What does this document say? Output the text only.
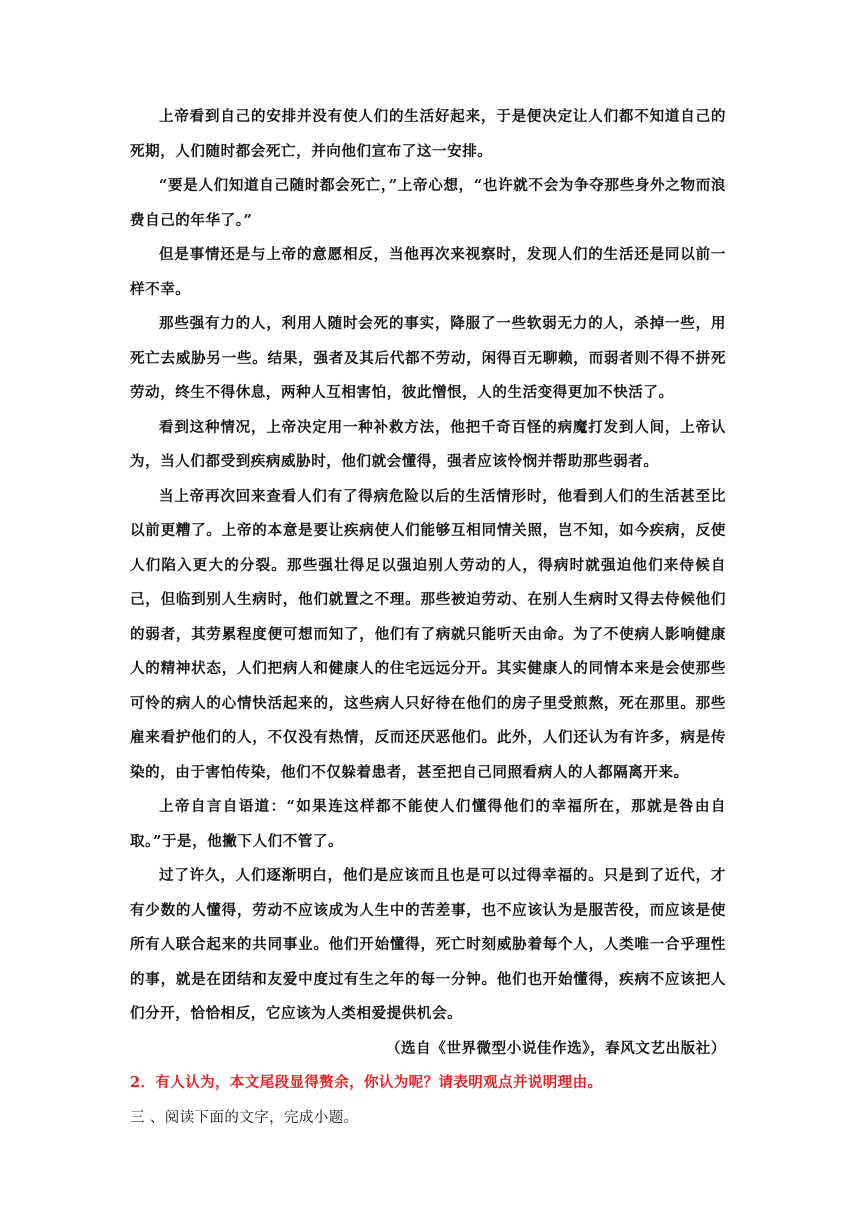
上帝看到自己的安排并没有使人们的生活好起来，于是便决定让人们都不知道自己的死期，人们随时都会死亡，并向他们宣布了这一安排。

“要是人们知道自己随时都会死亡，”上帝心想，“也许就不会为争夺那些身外之物而浪费自己的年华了。”

但是事情还是与上帝的意愿相反，当他再次来视察时，发现人们的生活还是同以前一样不幸。

那些强有力的人，利用人随时会死的事实，降服了一些软弱无力的人，杀掉一些，用死亡去威胁另一些。结果，强者及其后代都不劳动，闲得百无聊赖，而弱者则不得不拼死劳动，终生不得休息，两种人互相害怕，彼此憎恨，人的生活变得更加不快活了。

看到这种情况，上帝决定用一种补救方法，他把千奇百怪的病魔打发到人间，上帝认为，当人们都受到疾病威胁时，他们就会懂得，强者应该怜悯并帮助那些弱者。

当上帝再次回来查看人们有了得病危险以后的生活情形时，他看到人们的生活甚至比以前更糟了。上帝的本意是要让疾病使人们能够互相同情关照，岂不知，如今疾病，反使人们陷入更大的分裂。那些强壮得足以强迫别人劳动的人，得病时就强迫他们来侍候自己，但临到别人生病时，他们就置之不理。那些被迫劳动、在别人生病时又得去侍候他们的弱者，其劳累程度便可想而知了，他们有了病就只能听天由命。为了不使病人影响健康人的精神状态，人们把病人和健康人的住宅远远分开。其实健康人的同情本来是会使那些可怜的病人的心情快活起来的，这些病人只好待在他们的房子里受煎熬，死在那里。那些雇来看护他们的人，不仅没有热情，反而还厌恶他们。此外，人们还认为有许多，病是传染的，由于害怕传染，他们不仅躲着患者，甚至把自己同照看病人的人都隔离开来。

上帝自言自语道：“如果连这样都不能使人们懂得他们的幸福所在，那就是咎由自取。”于是，他撇下人们不管了。

过了许久，人们逐渐明白，他们是应该而且也是可以过得幸福的。只是到了近代，才有少数的人懂得，劳动不应该成为人生中的苦差事，也不应该认为是服苦役，而应该是使所有人联合起来的共同事业。他们开始懂得，死亡时刻威胁着每个人，人类唯一合乎理性的事，就是在团结和友爱中度过有生之年的每一分钟。他们也开始懂得，疾病不应该把人们分开，恰恰相反，它应该为人类相爱提供机会。

（选自《世界微型小说佳作选》，春风文艺出版社）

2．有人认为，本文尾段显得赘余，你认为呢？请表明观点并说明理由。

三 、阅读下面的文字，完成小题。
